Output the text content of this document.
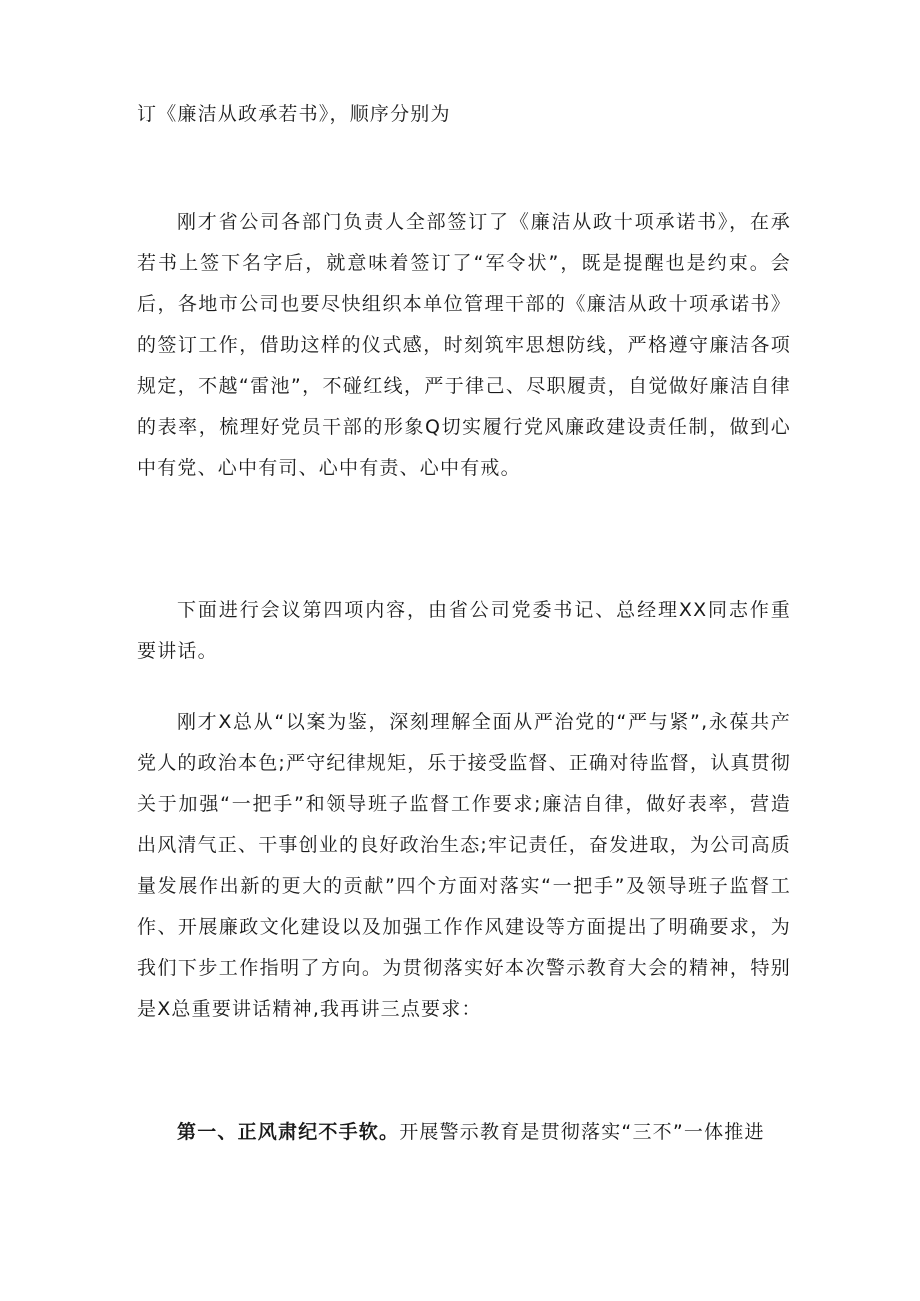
订《廉洁从政承若书》，顺序分别为

刚才省公司各部门负责人全部签订了《廉洁从政十项承诺书》，在承若书上签下名字后，就意味着签订了“军令状”，既是提醒也是约束。会后，各地市公司也要尽快组织本单位管理干部的《廉洁从政十项承诺书》的签订工作，借助这样的仪式感，时刻筑牢思想防线，严格遵守廉洁各项规定，不越“雷池”，不碰红线，严于律己、尽职履责，自觉做好廉洁自律的表率，梳理好党员干部的形象Q切实履行党风廉政建设责任制，做到心中有党、心中有司、心中有责、心中有戒。

下面进行会议第四项内容，由省公司党委书记、总经理XX同志作重要讲话。

刚才X总从“以案为鉴，深刻理解全面从严治党的“严与紧”,永葆共产党人的政治本色;严守纪律规矩，乐于接受监督、正确对待监督，认真贯彻关于加强“一把手”和领导班子监督工作要求;廉洁自律，做好表率，营造出风清气正、干事创业的良好政治生态;牢记责任，奋发进取，为公司高质量发展作出新的更大的贡献”四个方面对落实“一把手”及领导班子监督工作、开展廉政文化建设以及加强工作作风建设等方面提出了明确要求，为我们下步工作指明了方向。为贯彻落实好本次警示教育大会的精神，特别是X总重要讲话精神,我再讲三点要求：

第一、正风肃纪不手软。开展警示教育是贯彻落实“三不”一体推进
